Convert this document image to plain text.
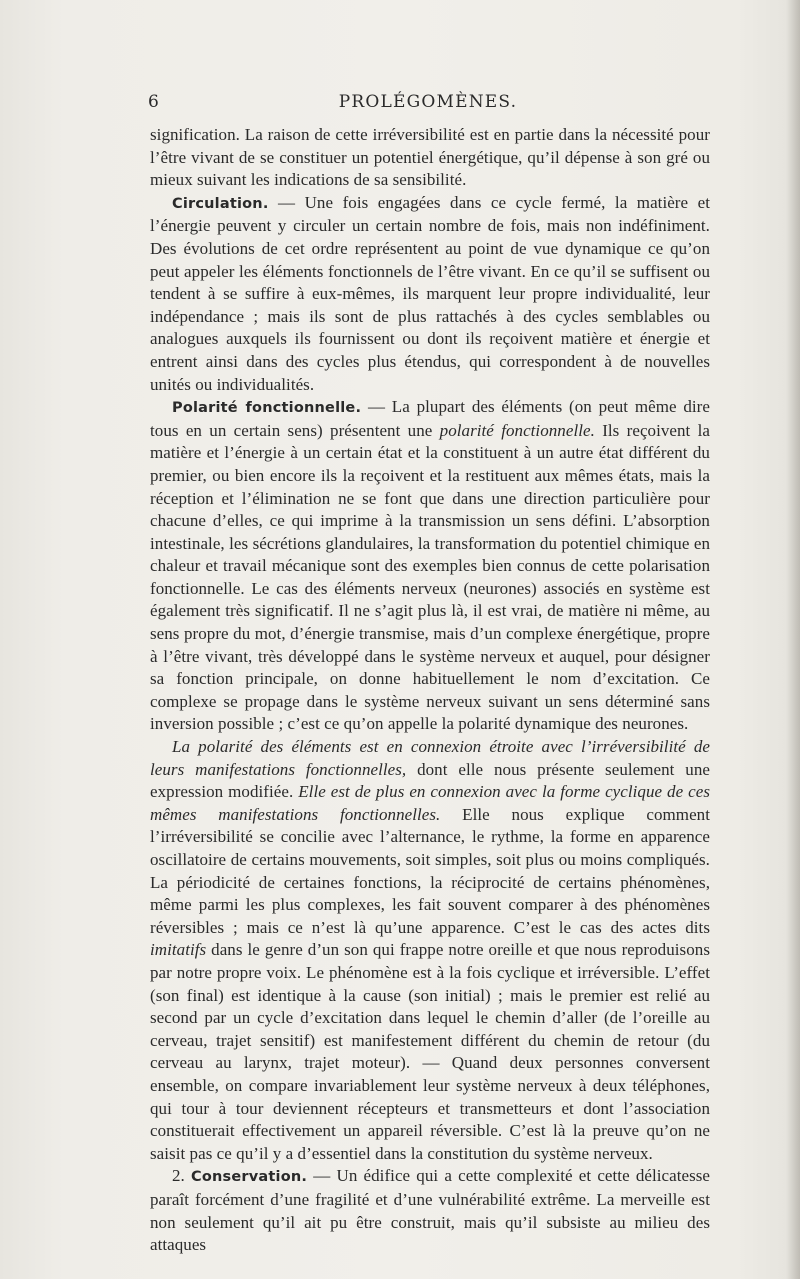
6	PROLÉGOMÈNES.

signification. La raison de cette irréversibilité est en partie dans la nécessité pour l’être vivant de se constituer un potentiel énergétique, qu’il dépense à son gré ou mieux suivant les indications de sa sensibilité.

Circulation. — Une fois engagées dans ce cycle fermé, la matière et l’énergie peuvent y circuler un certain nombre de fois, mais non indéfiniment. Des évolutions de cet ordre représentent au point de vue dynamique ce qu’on peut appeler les éléments fonctionnels de l’être vivant. En ce qu’il se suffisent ou tendent à se suffire à eux-mêmes, ils marquent leur propre individualité, leur indépendance ; mais ils sont de plus rattachés à des cycles semblables ou analogues auxquels ils fournissent ou dont ils reçoivent matière et énergie et entrent ainsi dans des cycles plus étendus, qui correspondent à de nouvelles unités ou individualités.

Polarité fonctionnelle. — La plupart des éléments (on peut même dire tous en un certain sens) présentent une polarité fonctionnelle. Ils reçoivent la matière et l’énergie à un certain état et la constituent à un autre état différent du premier, ou bien encore ils la reçoivent et la restituent aux mêmes états, mais la réception et l’élimination ne se font que dans une direction particulière pour chacune d’elles, ce qui imprime à la transmission un sens défini. L’absorption intestinale, les sécrétions glandulaires, la transformation du potentiel chimique en chaleur et travail mécanique sont des exemples bien connus de cette polarisation fonctionnelle. Le cas des éléments nerveux (neurones) associés en système est également très significatif. Il ne s’agit plus là, il est vrai, de matière ni même, au sens propre du mot, d’énergie transmise, mais d’un complexe énergétique, propre à l’être vivant, très développé dans le système nerveux et auquel, pour désigner sa fonction principale, on donne habituellement le nom d’excitation. Ce complexe se propage dans le système nerveux suivant un sens déterminé sans inversion possible ; c’est ce qu’on appelle la polarité dynamique des neurones.

La polarité des éléments est en connexion étroite avec l’irréversibilité de leurs manifestations fonctionnelles, dont elle nous présente seulement une expression modifiée. Elle est de plus en connexion avec la forme cyclique de ces mêmes manifestations fonctionnelles. Elle nous explique comment l’irréversibilité se concilie avec l’alternance, le rythme, la forme en apparence oscillatoire de certains mouvements, soit simples, soit plus ou moins compliqués. La périodicité de certaines fonctions, la réciprocité de certains phénomènes, même parmi les plus complexes, les fait souvent comparer à des phénomènes réversibles ; mais ce n’est là qu’une apparence. C’est le cas des actes dits imitatifs dans le genre d’un son qui frappe notre oreille et que nous reproduisons par notre propre voix. Le phénomène est à la fois cyclique et irréversible. L’effet (son final) est identique à la cause (son initial) ; mais le premier est relié au second par un cycle d’excitation dans lequel le chemin d’aller (de l’oreille au cerveau, trajet sensitif) est manifestement différent du chemin de retour (du cerveau au larynx, trajet moteur). — Quand deux personnes conversent ensemble, on compare invariablement leur système nerveux à deux téléphones, qui tour à tour deviennent récepteurs et transmetteurs et dont l’association constituerait effectivement un appareil réversible. C’est là la preuve qu’on ne saisit pas ce qu’il y a d’essentiel dans la constitution du système nerveux.

2. Conservation. — Un édifice qui a cette complexité et cette délicatesse paraît forcément d’une fragilité et d’une vulnérabilité extrême. La merveille est non seulement qu’il ait pu être construit, mais qu’il subsiste au milieu des attaques
